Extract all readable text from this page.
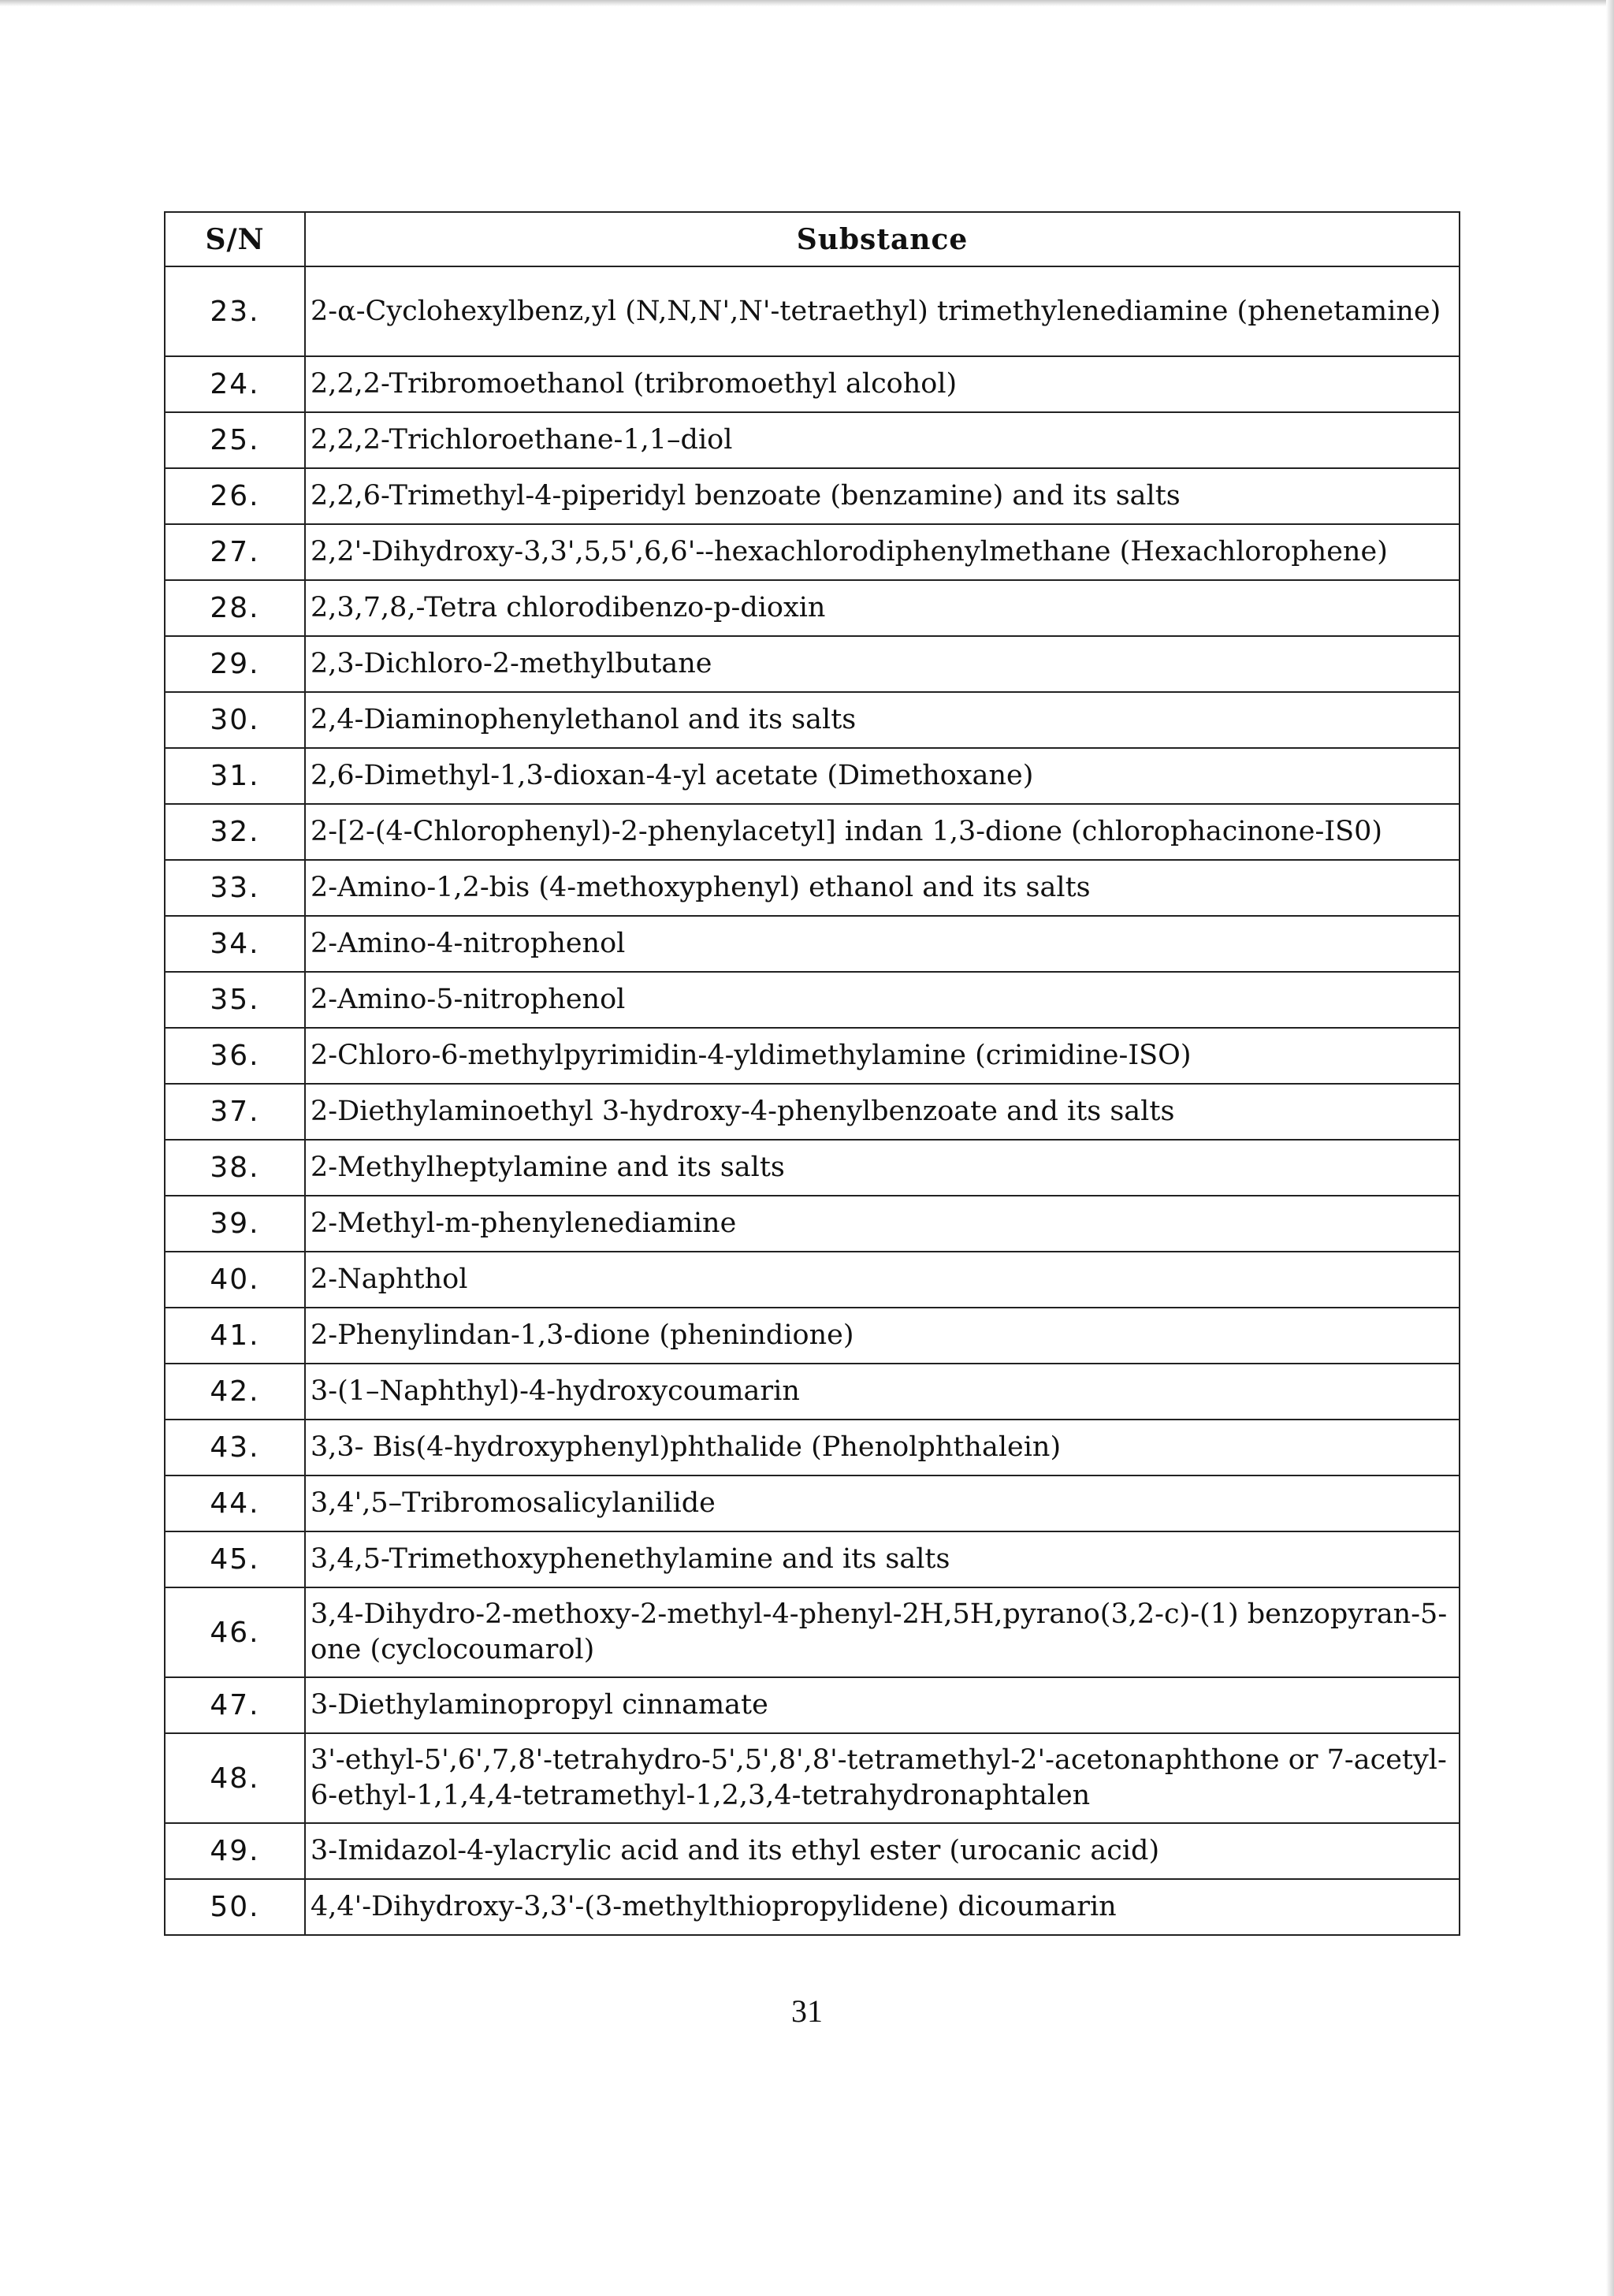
S/N	Substance
23.	2-α-Cyclohexylbenz,yl (N,N,N',N'-tetraethyl) trimethylenediamine (phenetamine)
24.	2,2,2-Tribromoethanol (tribromoethyl alcohol)
25.	2,2,2-Trichloroethane-1,1–diol
26.	2,2,6-Trimethyl-4-piperidyl benzoate (benzamine) and its salts
27.	2,2'-Dihydroxy-3,3',5,5',6,6'--hexachlorodiphenylmethane (Hexachlorophene)
28.	2,3,7,8,-Tetra chlorodibenzo-p-dioxin
29.	2,3-Dichloro-2-methylbutane
30.	2,4-Diaminophenylethanol and its salts
31.	2,6-Dimethyl-1,3-dioxan-4-yl acetate (Dimethoxane)
32.	2-[2-(4-Chlorophenyl)-2-phenylacetyl] indan 1,3-dione (chlorophacinone-IS0)
33.	2-Amino-1,2-bis (4-methoxyphenyl) ethanol and its salts
34.	2-Amino-4-nitrophenol
35.	2-Amino-5-nitrophenol
36.	2-Chloro-6-methylpyrimidin-4-yldimethylamine (crimidine-ISO)
37.	2-Diethylaminoethyl 3-hydroxy-4-phenylbenzoate and its salts
38.	2-Methylheptylamine and its salts
39.	2-Methyl-m-phenylenediamine
40.	2-Naphthol
41.	2-Phenylindan-1,3-dione (phenindione)
42.	3-(1–Naphthyl)-4-hydroxycoumarin
43.	3,3- Bis(4-hydroxyphenyl)phthalide (Phenolphthalein)
44.	3,4',5–Tribromosalicylanilide
45.	3,4,5-Trimethoxyphenethylamine and its salts
46.	3,4-Dihydro-2-methoxy-2-methyl-4-phenyl-2H,5H,pyrano(3,2-c)-(1) benzopyran-5-one (cyclocoumarol)
47.	3-Diethylaminopropyl cinnamate
48.	3'-ethyl-5',6',7,8'-tetrahydro-5',5',8',8'-tetramethyl-2'-acetonaphthone or 7-acetyl-6-ethyl-1,1,4,4-tetramethyl-1,2,3,4-tetrahydronaphtalen
49.	3-Imidazol-4-ylacrylic acid and its ethyl ester (urocanic acid)
50.	4,4'-Dihydroxy-3,3'-(3-methylthiopropylidene) dicoumarin
31
